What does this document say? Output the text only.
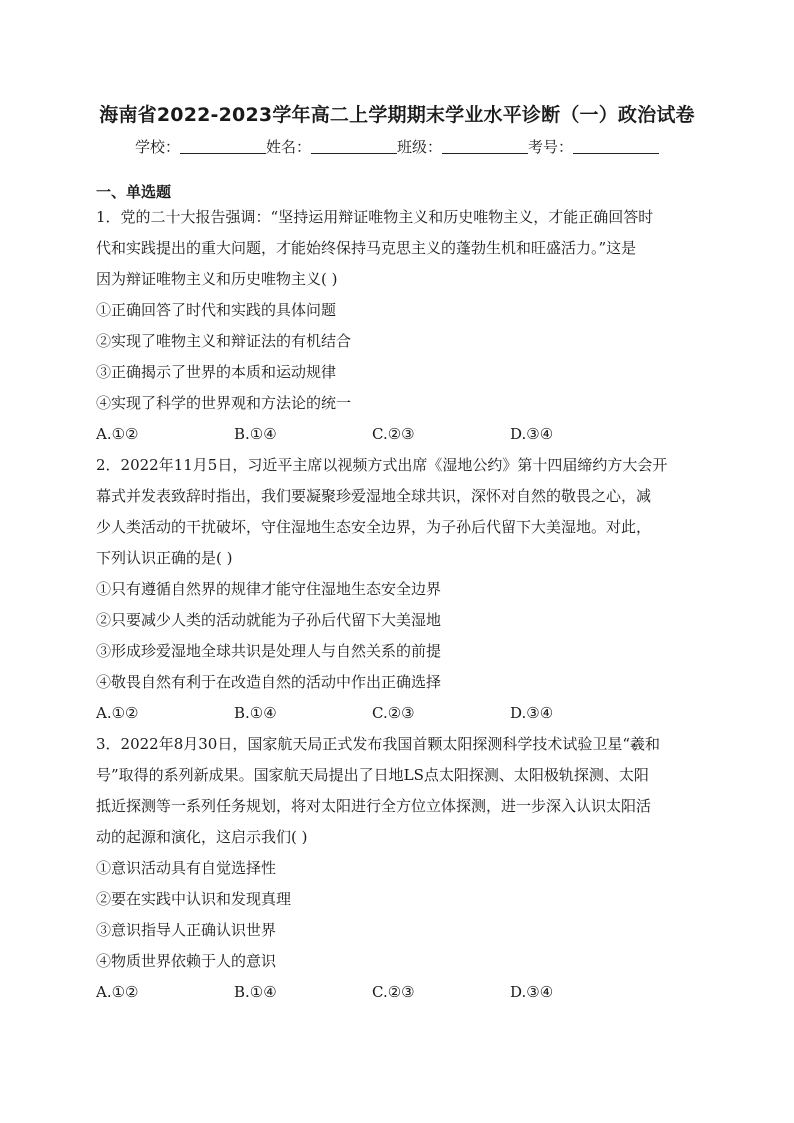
海南省2022-2023学年高二上学期期末学业水平诊断（一）政治试卷
学校：	姓名：	班级：	考号：
一、单选题

1．党的二十大报告强调：“坚持运用辩证唯物主义和历史唯物主义，才能正确回答时

代和实践提出的重大问题，才能始终保持马克思主义的蓬勃生机和旺盛活力。”这是

因为辩证唯物主义和历史唯物主义( )

①正确回答了时代和实践的具体问题

②实现了唯物主义和辩证法的有机结合

③正确揭示了世界的本质和运动规律

④实现了科学的世界观和方法论的统一

A.①②	B.①④	C.②③	D.③④

2．2022年11月5日，习近平主席以视频方式出席《湿地公约》第十四届缔约方大会开

幕式并发表致辞时指出，我们要凝聚珍爱湿地全球共识，深怀对自然的敬畏之心，减

少人类活动的干扰破坏，守住湿地生态安全边界，为子孙后代留下大美湿地。对此，

下列认识正确的是( )

①只有遵循自然界的规律才能守住湿地生态安全边界

②只要减少人类的活动就能为子孙后代留下大美湿地

③形成珍爱湿地全球共识是处理人与自然关系的前提

④敬畏自然有利于在改造自然的活动中作出正确选择

A.①②	B.①④	C.②③	D.③④

3．2022年8月30日，国家航天局正式发布我国首颗太阳探测科学技术试验卫星“羲和

号”取得的系列新成果。国家航天局提出了日地LS点太阳探测、太阳极轨探测、太阳

抵近探测等一系列任务规划，将对太阳进行全方位立体探测，进一步深入认识太阳活

动的起源和演化，这启示我们( )

①意识活动具有自觉选择性

②要在实践中认识和发现真理

③意识指导人正确认识世界

④物质世界依赖于人的意识

A.①②	B.①④	C.②③	D.③④
